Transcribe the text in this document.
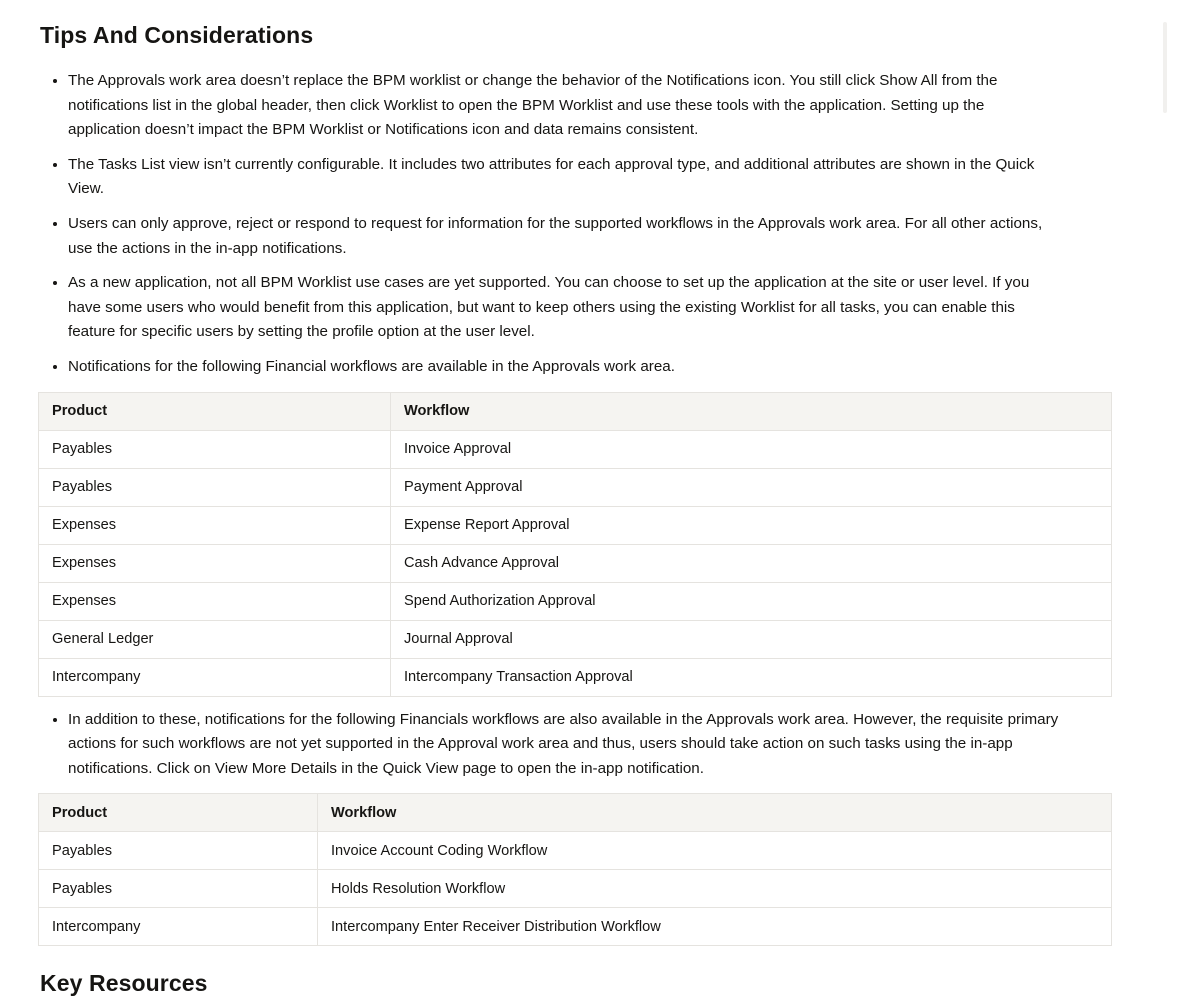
Tips And Considerations
• The Approvals work area doesn’t replace the BPM worklist or change the behavior of the Notifications icon. You still click Show All from the notifications list in the global header, then click Worklist to open the BPM Worklist and use these tools with the application. Setting up the application doesn’t impact the BPM Worklist or Notifications icon and data remains consistent.
• The Tasks List view isn’t currently configurable. It includes two attributes for each approval type, and additional attributes are shown in the Quick View.
• Users can only approve, reject or respond to request for information for the supported workflows in the Approvals work area. For all other actions, use the actions in the in-app notifications.
• As a new application, not all BPM Worklist use cases are yet supported. You can choose to set up the application at the site or user level. If you have some users who would benefit from this application, but want to keep others using the existing Worklist for all tasks, you can enable this feature for specific users by setting the profile option at the user level.
• Notifications for the following Financial workflows are available in the Approvals work area.
Product	Workflow
Payables	Invoice Approval
Payables	Payment Approval
Expenses	Expense Report Approval
Expenses	Cash Advance Approval
Expenses	Spend Authorization Approval
General Ledger	Journal Approval
Intercompany	Intercompany Transaction Approval
• In addition to these, notifications for the following Financials workflows are also available in the Approvals work area. However, the requisite primary actions for such workflows are not yet supported in the Approval work area and thus, users should take action on such tasks using the in-app notifications. Click on View More Details in the Quick View page to open the in-app notification.
Product	Workflow
Payables	Invoice Account Coding Workflow
Payables	Holds Resolution Workflow
Intercompany	Intercompany Enter Receiver Distribution Workflow
Key Resources
